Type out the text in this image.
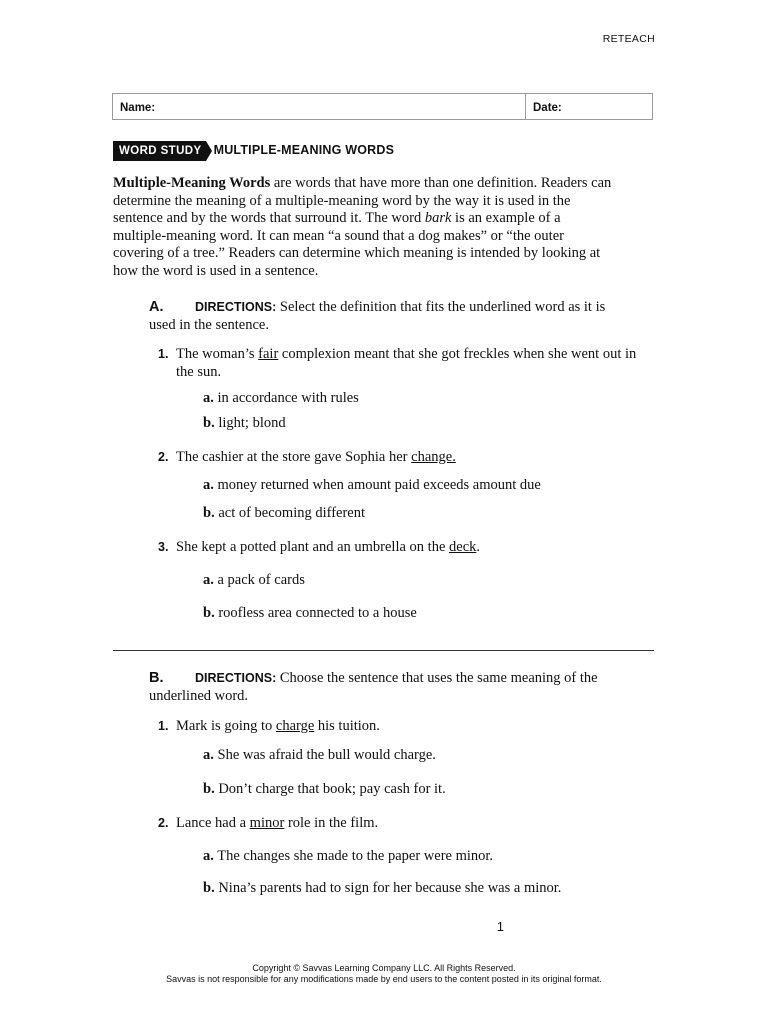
RETEACH
Name:	Date:
WORD STUDY MULTIPLE-MEANING WORDS
Multiple-Meaning Words are words that have more than one definition. Readers can determine the meaning of a multiple-meaning word by the way it is used in the sentence and by the words that surround it. The word bark is an example of a multiple-meaning word. It can mean “a sound that a dog makes” or “the outer covering of a tree.” Readers can determine which meaning is intended by looking at how the word is used in a sentence.
A.	DIRECTIONS: Select the definition that fits the underlined word as it is used in the sentence.
1. The woman’s fair complexion meant that she got freckles when she went out in
the sun.
a. in accordance with rules
b. light; blond
2. The cashier at the store gave Sophia her change.
a. money returned when amount paid exceeds amount due
b. act of becoming different
3. She kept a potted plant and an umbrella on the deck.
a. a pack of cards
b. roofless area connected to a house
B.	DIRECTIONS: Choose the sentence that uses the same meaning of the underlined word.
1. Mark is going to charge his tuition.
a. She was afraid the bull would charge.
b. Don’t charge that book; pay cash for it.
2. Lance had a minor role in the film.
a. The changes she made to the paper were minor.
b. Nina’s parents had to sign for her because she was a minor.
1
Copyright © Savvas Learning Company LLC. All Rights Reserved.
Savvas is not responsible for any modifications made by end users to the content posted in its original format.
